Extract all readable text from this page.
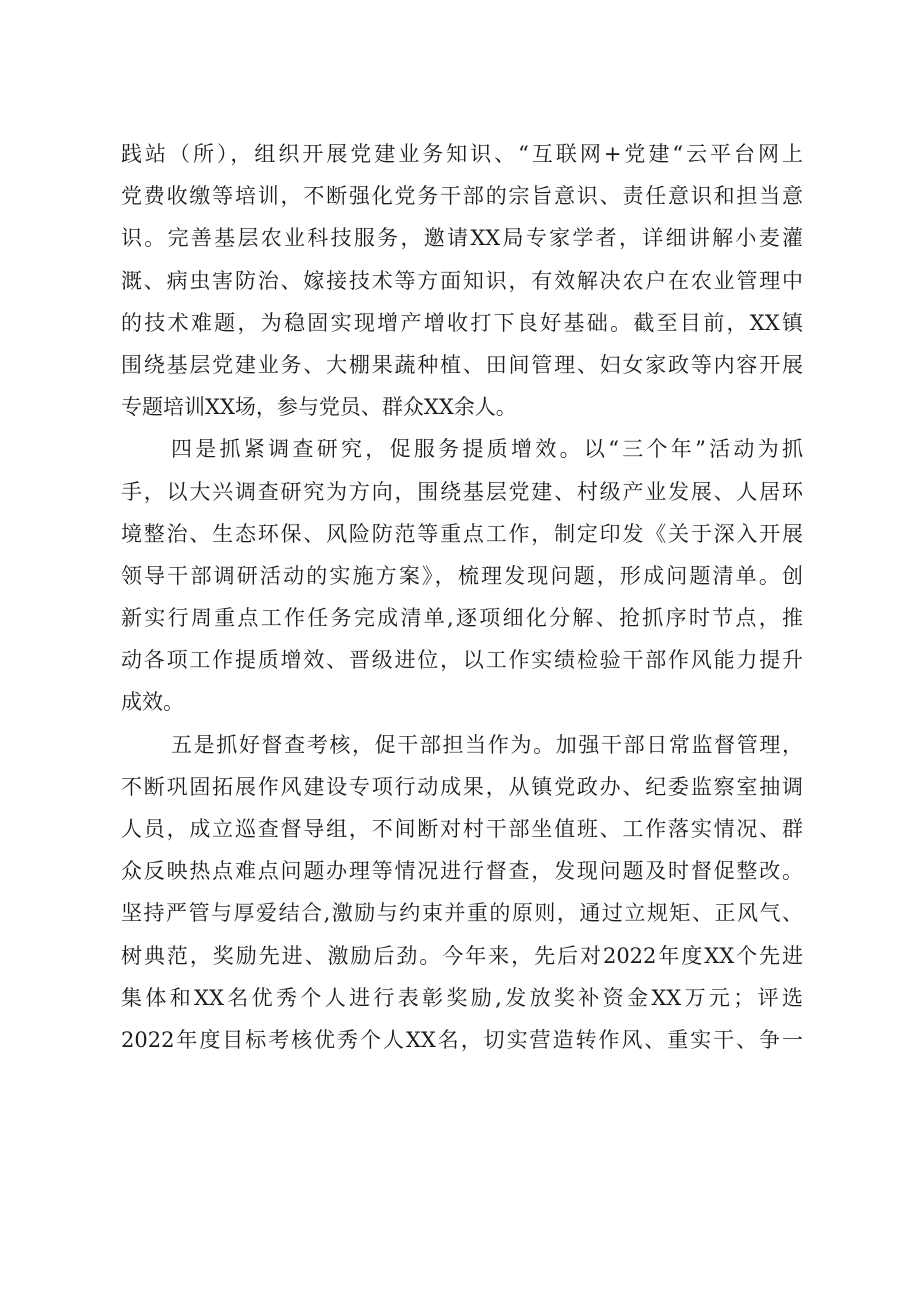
践站（所），组织开展党建业务知识、“互联网+党建“云平台网上
党费收缴等培训，不断强化党务干部的宗旨意识、责任意识和担当意
识。完善基层农业科技服务，邀请XX局专家学者，详细讲解小麦灌
溉、病虫害防治、嫁接技术等方面知识，有效解决农户在农业管理中
的技术难题，为稳固实现增产增收打下良好基础。截至目前，XX镇
围绕基层党建业务、大棚果蔬种植、田间管理、妇女家政等内容开展
专题培训XX场，参与党员、群众XX余人。
四是抓紧调查研究，促服务提质增效。以“三个年”活动为抓
手，以大兴调查研究为方向，围绕基层党建、村级产业发展、人居环
境整治、生态环保、风险防范等重点工作，制定印发《关于深入开展
领导干部调研活动的实施方案》，梳理发现问题，形成问题清单。创
新实行周重点工作任务完成清单,逐项细化分解、抢抓序时节点，推
动各项工作提质增效、晋级进位，以工作实绩检验干部作风能力提升
成效。
五是抓好督查考核，促干部担当作为。加强干部日常监督管理，
不断巩固拓展作风建设专项行动成果，从镇党政办、纪委监察室抽调
人员，成立巡查督导组，不间断对村干部坐值班、工作落实情况、群
众反映热点难点问题办理等情况进行督查，发现问题及时督促整改。
坚持严管与厚爱结合,激励与约束并重的原则，通过立规矩、正风气、
树典范，奖励先进、激励后劲。今年来，先后对2022年度XX个先进
集体和XX名优秀个人进行表彰奖励,发放奖补资金XX万元；评选
2022年度目标考核优秀个人XX名，切实营造转作风、重实干、争一
